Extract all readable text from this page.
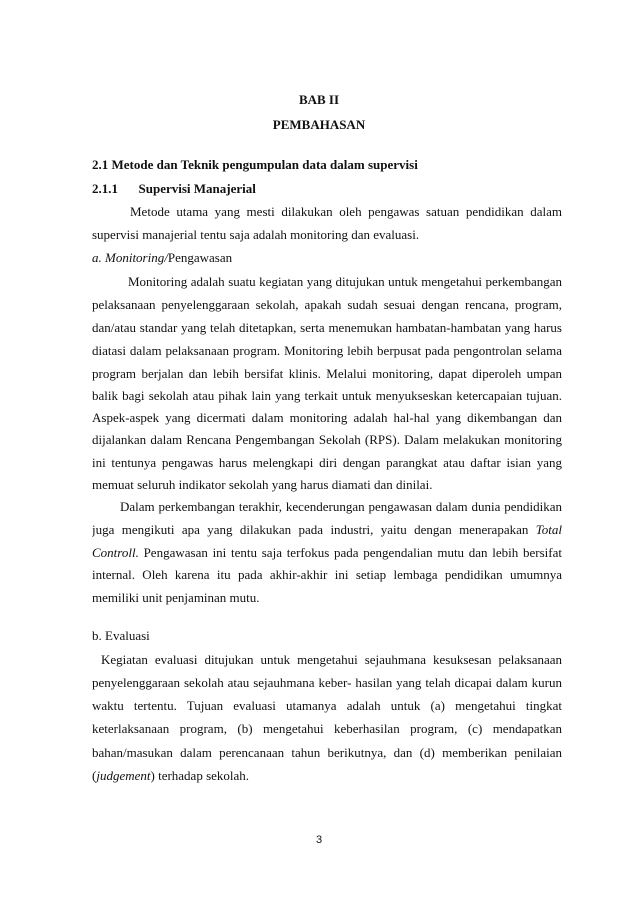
BAB II
PEMBAHASAN
2.1 Metode dan Teknik pengumpulan data dalam supervisi
2.1.1 Supervisi Manajerial
Metode utama yang mesti dilakukan oleh pengawas satuan pendidikan dalam
supervisi manajerial tentu saja adalah monitoring dan evaluasi.
a. Monitoring/Pengawasan
Monitoring adalah suatu kegiatan yang ditujukan untuk mengetahui perkembangan
pelaksanaan penyelenggaraan sekolah, apakah sudah sesuai dengan rencana, program,
dan/atau standar yang telah ditetapkan, serta menemukan hambatan-hambatan yang harus
diatasi dalam pelaksanaan program. Monitoring lebih berpusat pada pengontrolan selama
program berjalan dan lebih bersifat klinis. Melalui monitoring, dapat diperoleh umpan
balik bagi sekolah atau pihak lain yang terkait untuk menyukseskan ketercapaian tujuan.
Aspek-aspek yang dicermati dalam monitoring adalah hal-hal yang dikembangan dan
dijalankan dalam Rencana Pengembangan Sekolah (RPS). Dalam melakukan monitoring
ini tentunya pengawas harus melengkapi diri dengan parangkat atau daftar isian yang
memuat seluruh indikator sekolah yang harus diamati dan dinilai.
Dalam perkembangan terakhir, kecenderungan pengawasan dalam dunia pendidikan
juga mengikuti apa yang dilakukan pada industri, yaitu dengan menerapakan Total
Controll. Pengawasan ini tentu saja terfokus pada pengendalian mutu dan lebih bersifat
internal. Oleh karena itu pada akhir-akhir ini setiap lembaga pendidikan umumnya
memiliki unit penjaminan mutu.
b. Evaluasi
Kegiatan evaluasi ditujukan untuk mengetahui sejauhmana kesuksesan pelaksanaan
penyelenggaraan sekolah atau sejauhmana keber- hasilan yang telah dicapai dalam kurun
waktu tertentu. Tujuan evaluasi utamanya adalah untuk (a) mengetahui tingkat
keterlaksanaan program, (b) mengetahui keberhasilan program, (c) mendapatkan
bahan/masukan dalam perencanaan tahun berikutnya, dan (d) memberikan penilaian
(judgement) terhadap sekolah.
3
